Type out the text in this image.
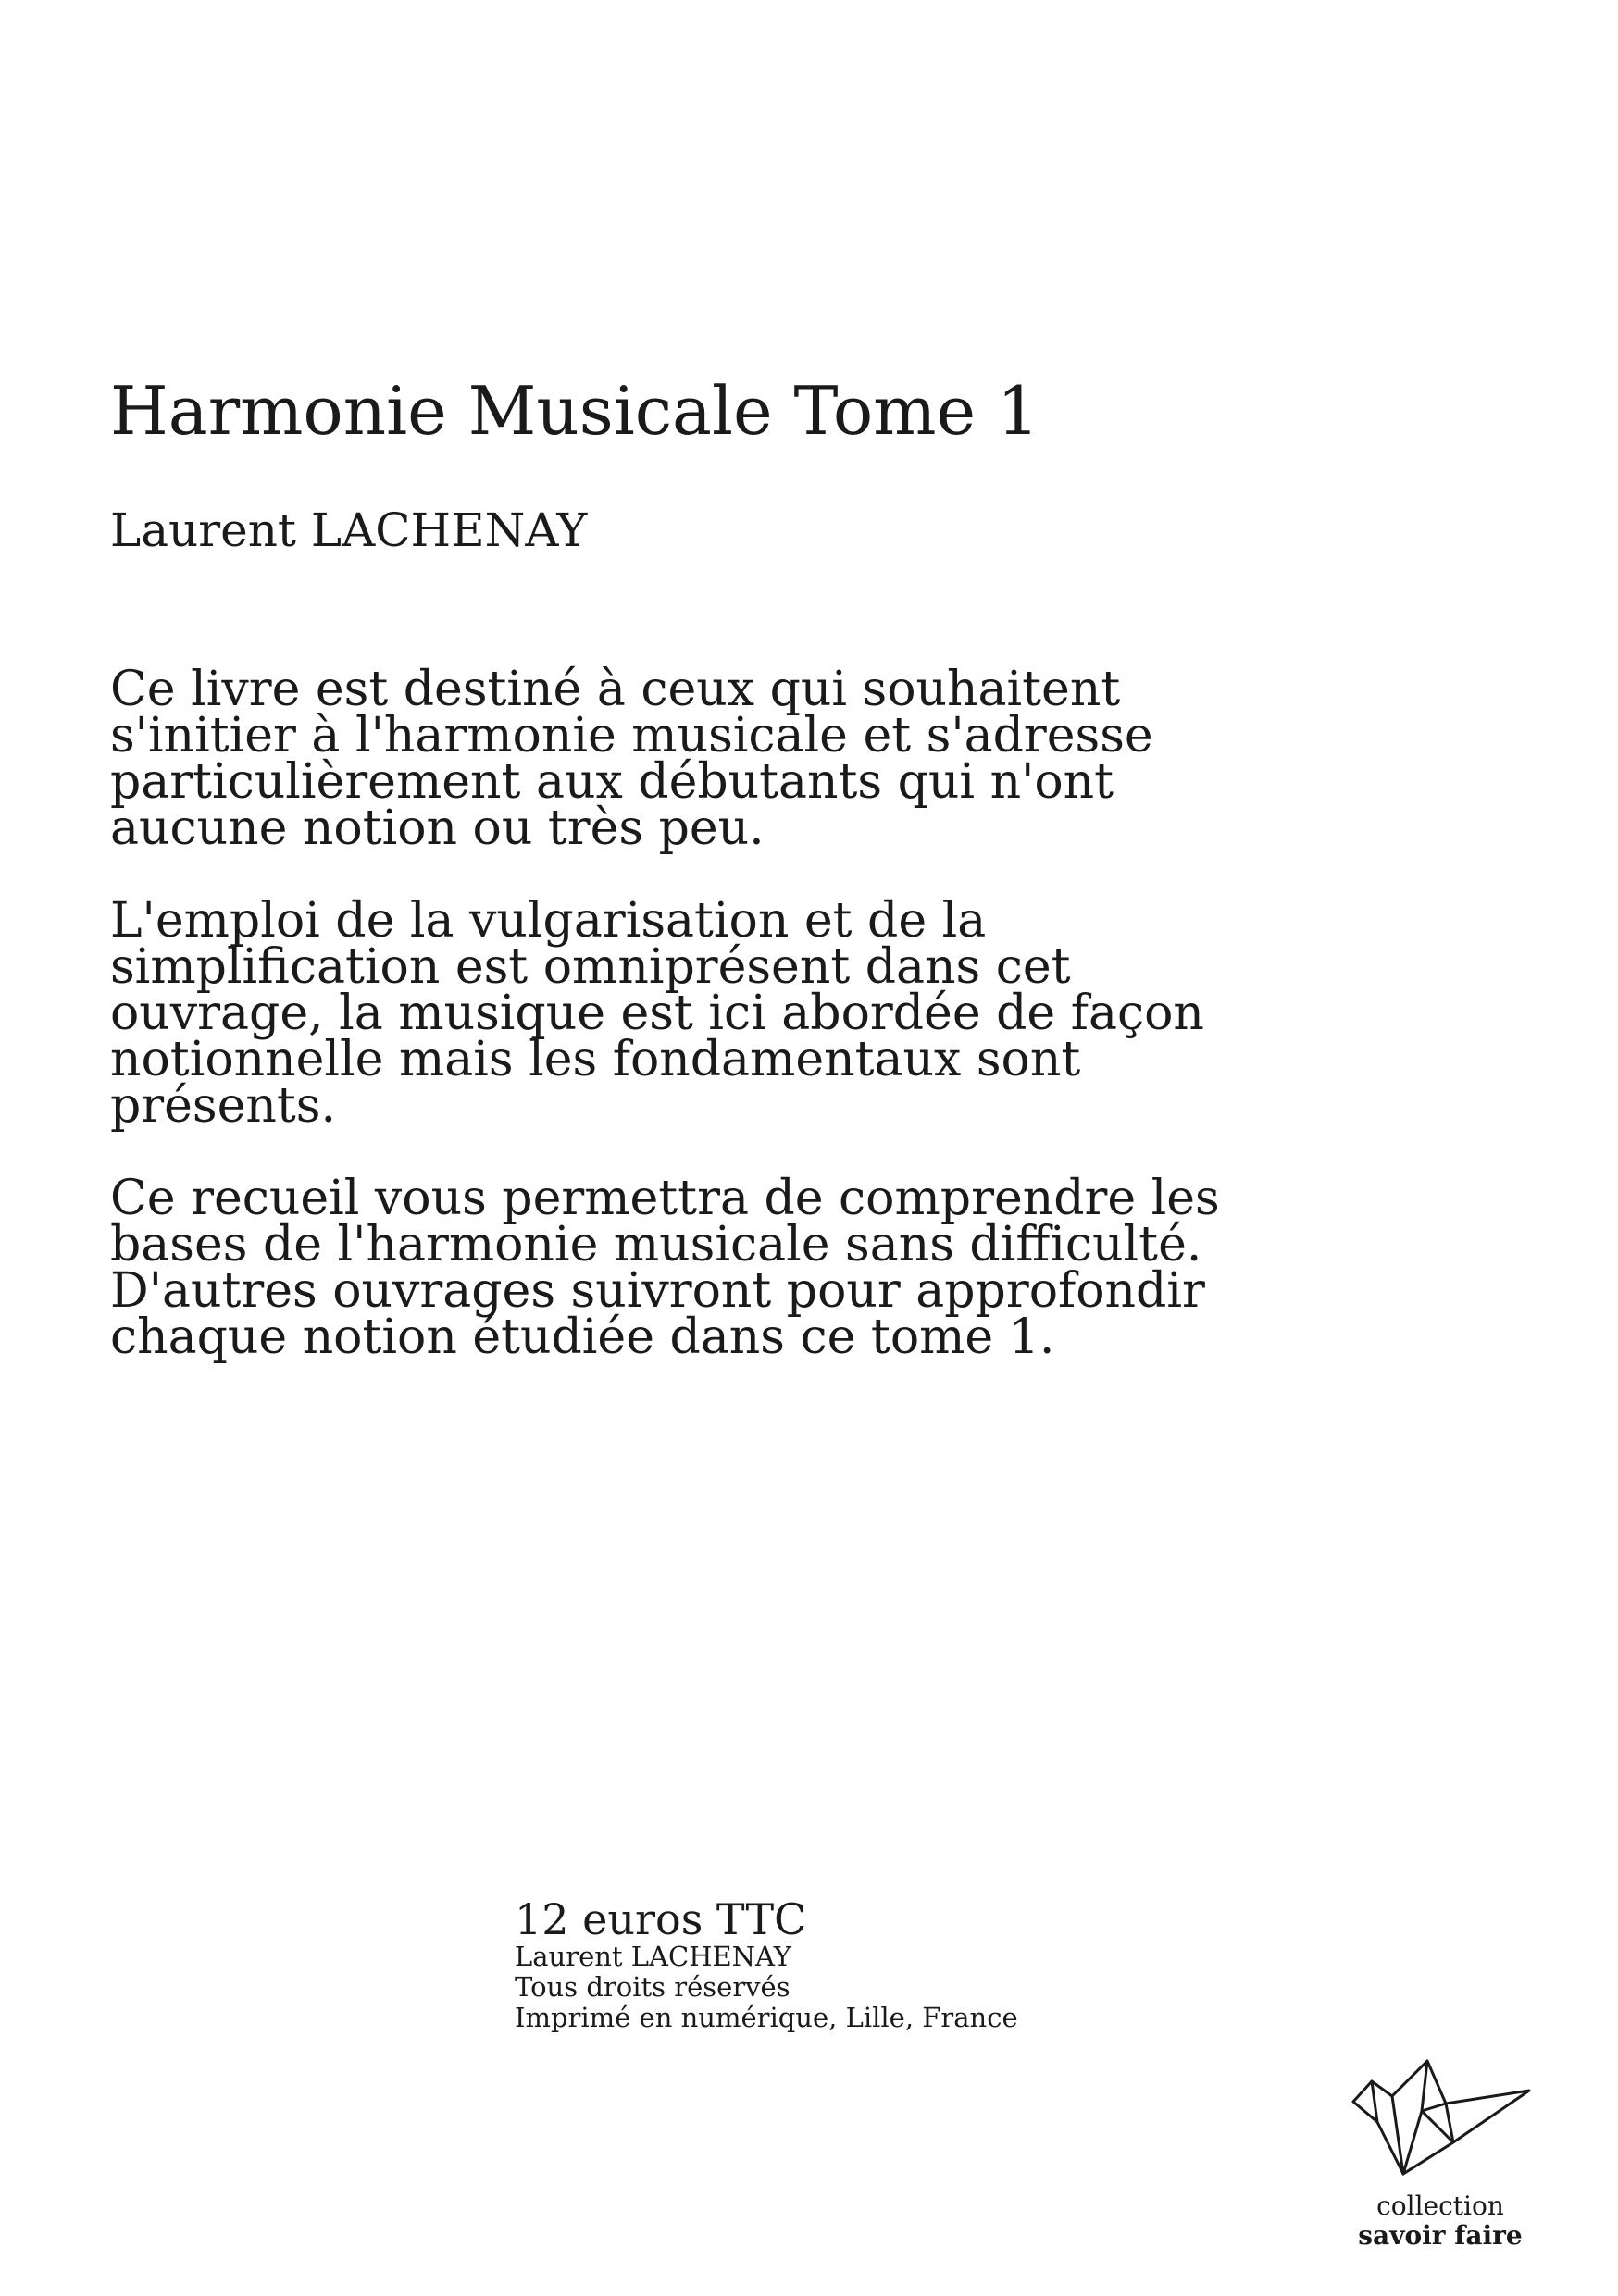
Harmonie Musicale Tome 1
Laurent LACHENAY

Ce livre est destiné à ceux qui souhaitent
s'initier à l'harmonie musicale et s'adresse
particulièrement aux débutants qui n'ont
aucune notion ou très peu.

L'emploi de la vulgarisation et de la
simplification est omniprésent dans cet
ouvrage, la musique est ici abordée de façon
notionnelle mais les fondamentaux sont
présents.

Ce recueil vous permettra de comprendre les
bases de l'harmonie musicale sans difficulté.
D'autres ouvrages suivront pour approfondir
chaque notion étudiée dans ce tome 1.

12 euros TTC
Laurent LACHENAY
Tous droits réservés
Imprimé en numérique, Lille, France
collection
savoir faire
